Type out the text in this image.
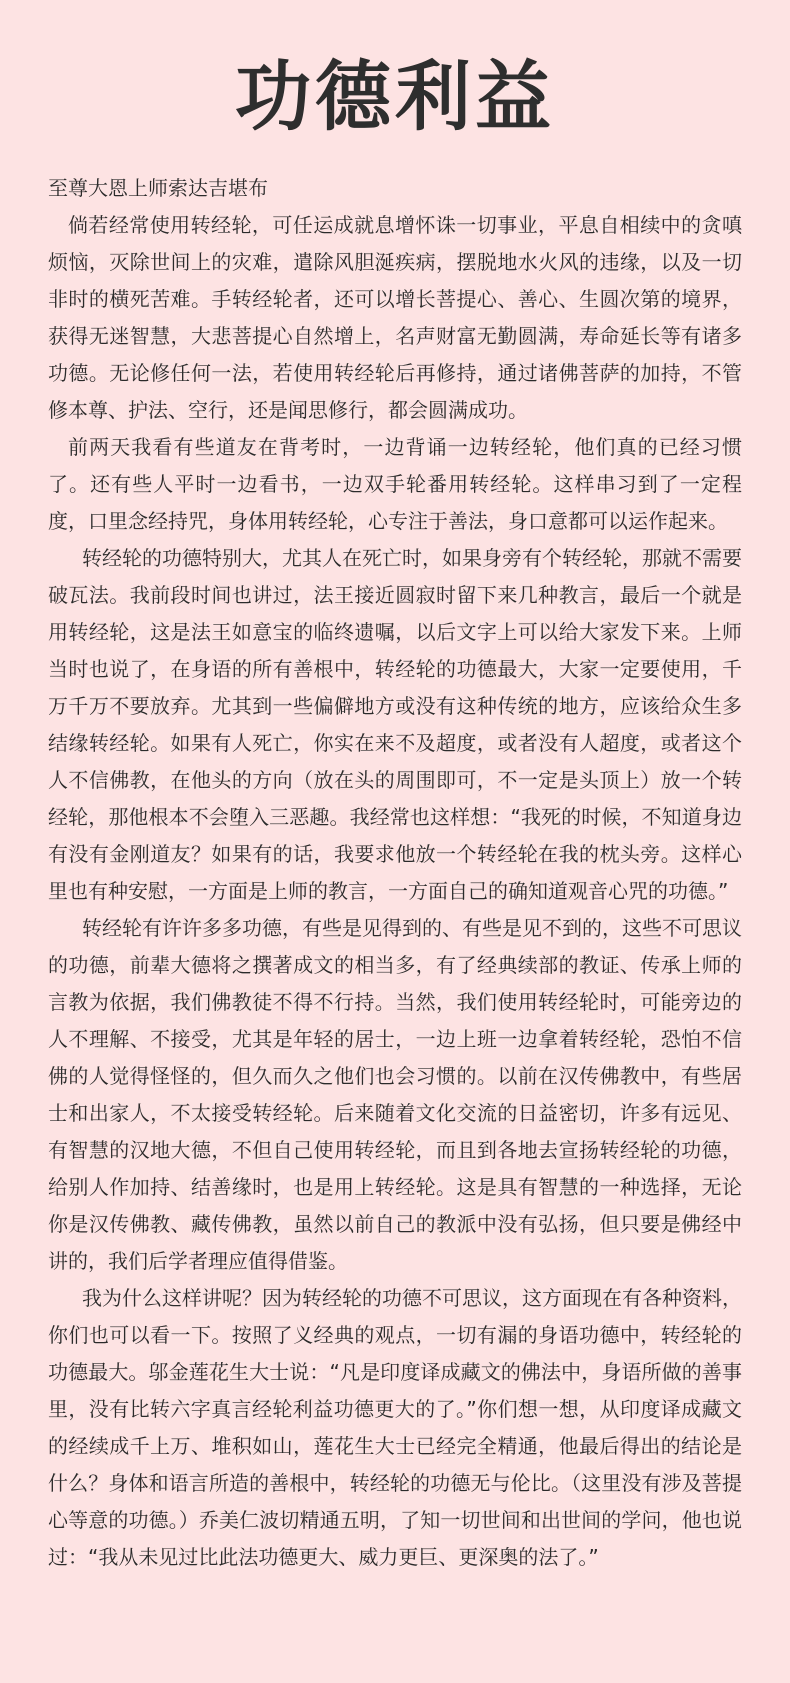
功德利益

至尊大恩上师索达吉堪布

倘若经常使用转经轮，可任运成就息增怀诛一切事业，平息自相续中的贪嗔烦恼，灭除世间上的灾难，遣除风胆涎疾病，摆脱地水火风的违缘，以及一切非时的横死苦难。手转经轮者，还可以增长菩提心、善心、生圆次第的境界，获得无迷智慧，大悲菩提心自然增上，名声财富无勤圆满，寿命延长等有诸多功德。无论修任何一法，若使用转经轮后再修持，通过诸佛菩萨的加持，不管修本尊、护法、空行，还是闻思修行，都会圆满成功。

前两天我看有些道友在背考时，一边背诵一边转经轮，他们真的已经习惯了。还有些人平时一边看书，一边双手轮番用转经轮。这样串习到了一定程度，口里念经持咒，身体用转经轮，心专注于善法，身口意都可以运作起来。

转经轮的功德特别大，尤其人在死亡时，如果身旁有个转经轮，那就不需要破瓦法。我前段时间也讲过，法王接近圆寂时留下来几种教言，最后一个就是用转经轮，这是法王如意宝的临终遗嘱，以后文字上可以给大家发下来。上师当时也说了，在身语的所有善根中，转经轮的功德最大，大家一定要使用，千万千万不要放弃。尤其到一些偏僻地方或没有这种传统的地方，应该给众生多结缘转经轮。如果有人死亡，你实在来不及超度，或者没有人超度，或者这个人不信佛教，在他头的方向（放在头的周围即可，不一定是头顶上）放一个转经轮，那他根本不会堕入三恶趣。我经常也这样想：“我死的时候，不知道身边有没有金刚道友？如果有的话，我要求他放一个转经轮在我的枕头旁。这样心里也有种安慰，一方面是上师的教言，一方面自己的确知道观音心咒的功德。”

转经轮有许许多多功德，有些是见得到的、有些是见不到的，这些不可思议的功德，前辈大德将之撰著成文的相当多，有了经典续部的教证、传承上师的言教为依据，我们佛教徒不得不行持。当然，我们使用转经轮时，可能旁边的人不理解、不接受，尤其是年轻的居士，一边上班一边拿着转经轮，恐怕不信佛的人觉得怪怪的，但久而久之他们也会习惯的。以前在汉传佛教中，有些居士和出家人，不太接受转经轮。后来随着文化交流的日益密切，许多有远见、有智慧的汉地大德，不但自己使用转经轮，而且到各地去宣扬转经轮的功德，给别人作加持、结善缘时，也是用上转经轮。这是具有智慧的一种选择，无论你是汉传佛教、藏传佛教，虽然以前自己的教派中没有弘扬，但只要是佛经中讲的，我们后学者理应值得借鉴。

我为什么这样讲呢？因为转经轮的功德不可思议，这方面现在有各种资料，你们也可以看一下。按照了义经典的观点，一切有漏的身语功德中，转经轮的功德最大。邬金莲花生大士说：“凡是印度译成藏文的佛法中，身语所做的善事里，没有比转六字真言经轮利益功德更大的了。”你们想一想，从印度译成藏文的经续成千上万、堆积如山，莲花生大士已经完全精通，他最后得出的结论是什么？身体和语言所造的善根中，转经轮的功德无与伦比。（这里没有涉及菩提心等意的功德。）乔美仁波切精通五明，了知一切世间和出世间的学问，他也说过：“我从未见过比此法功德更大、威力更巨、更深奥的法了。”
